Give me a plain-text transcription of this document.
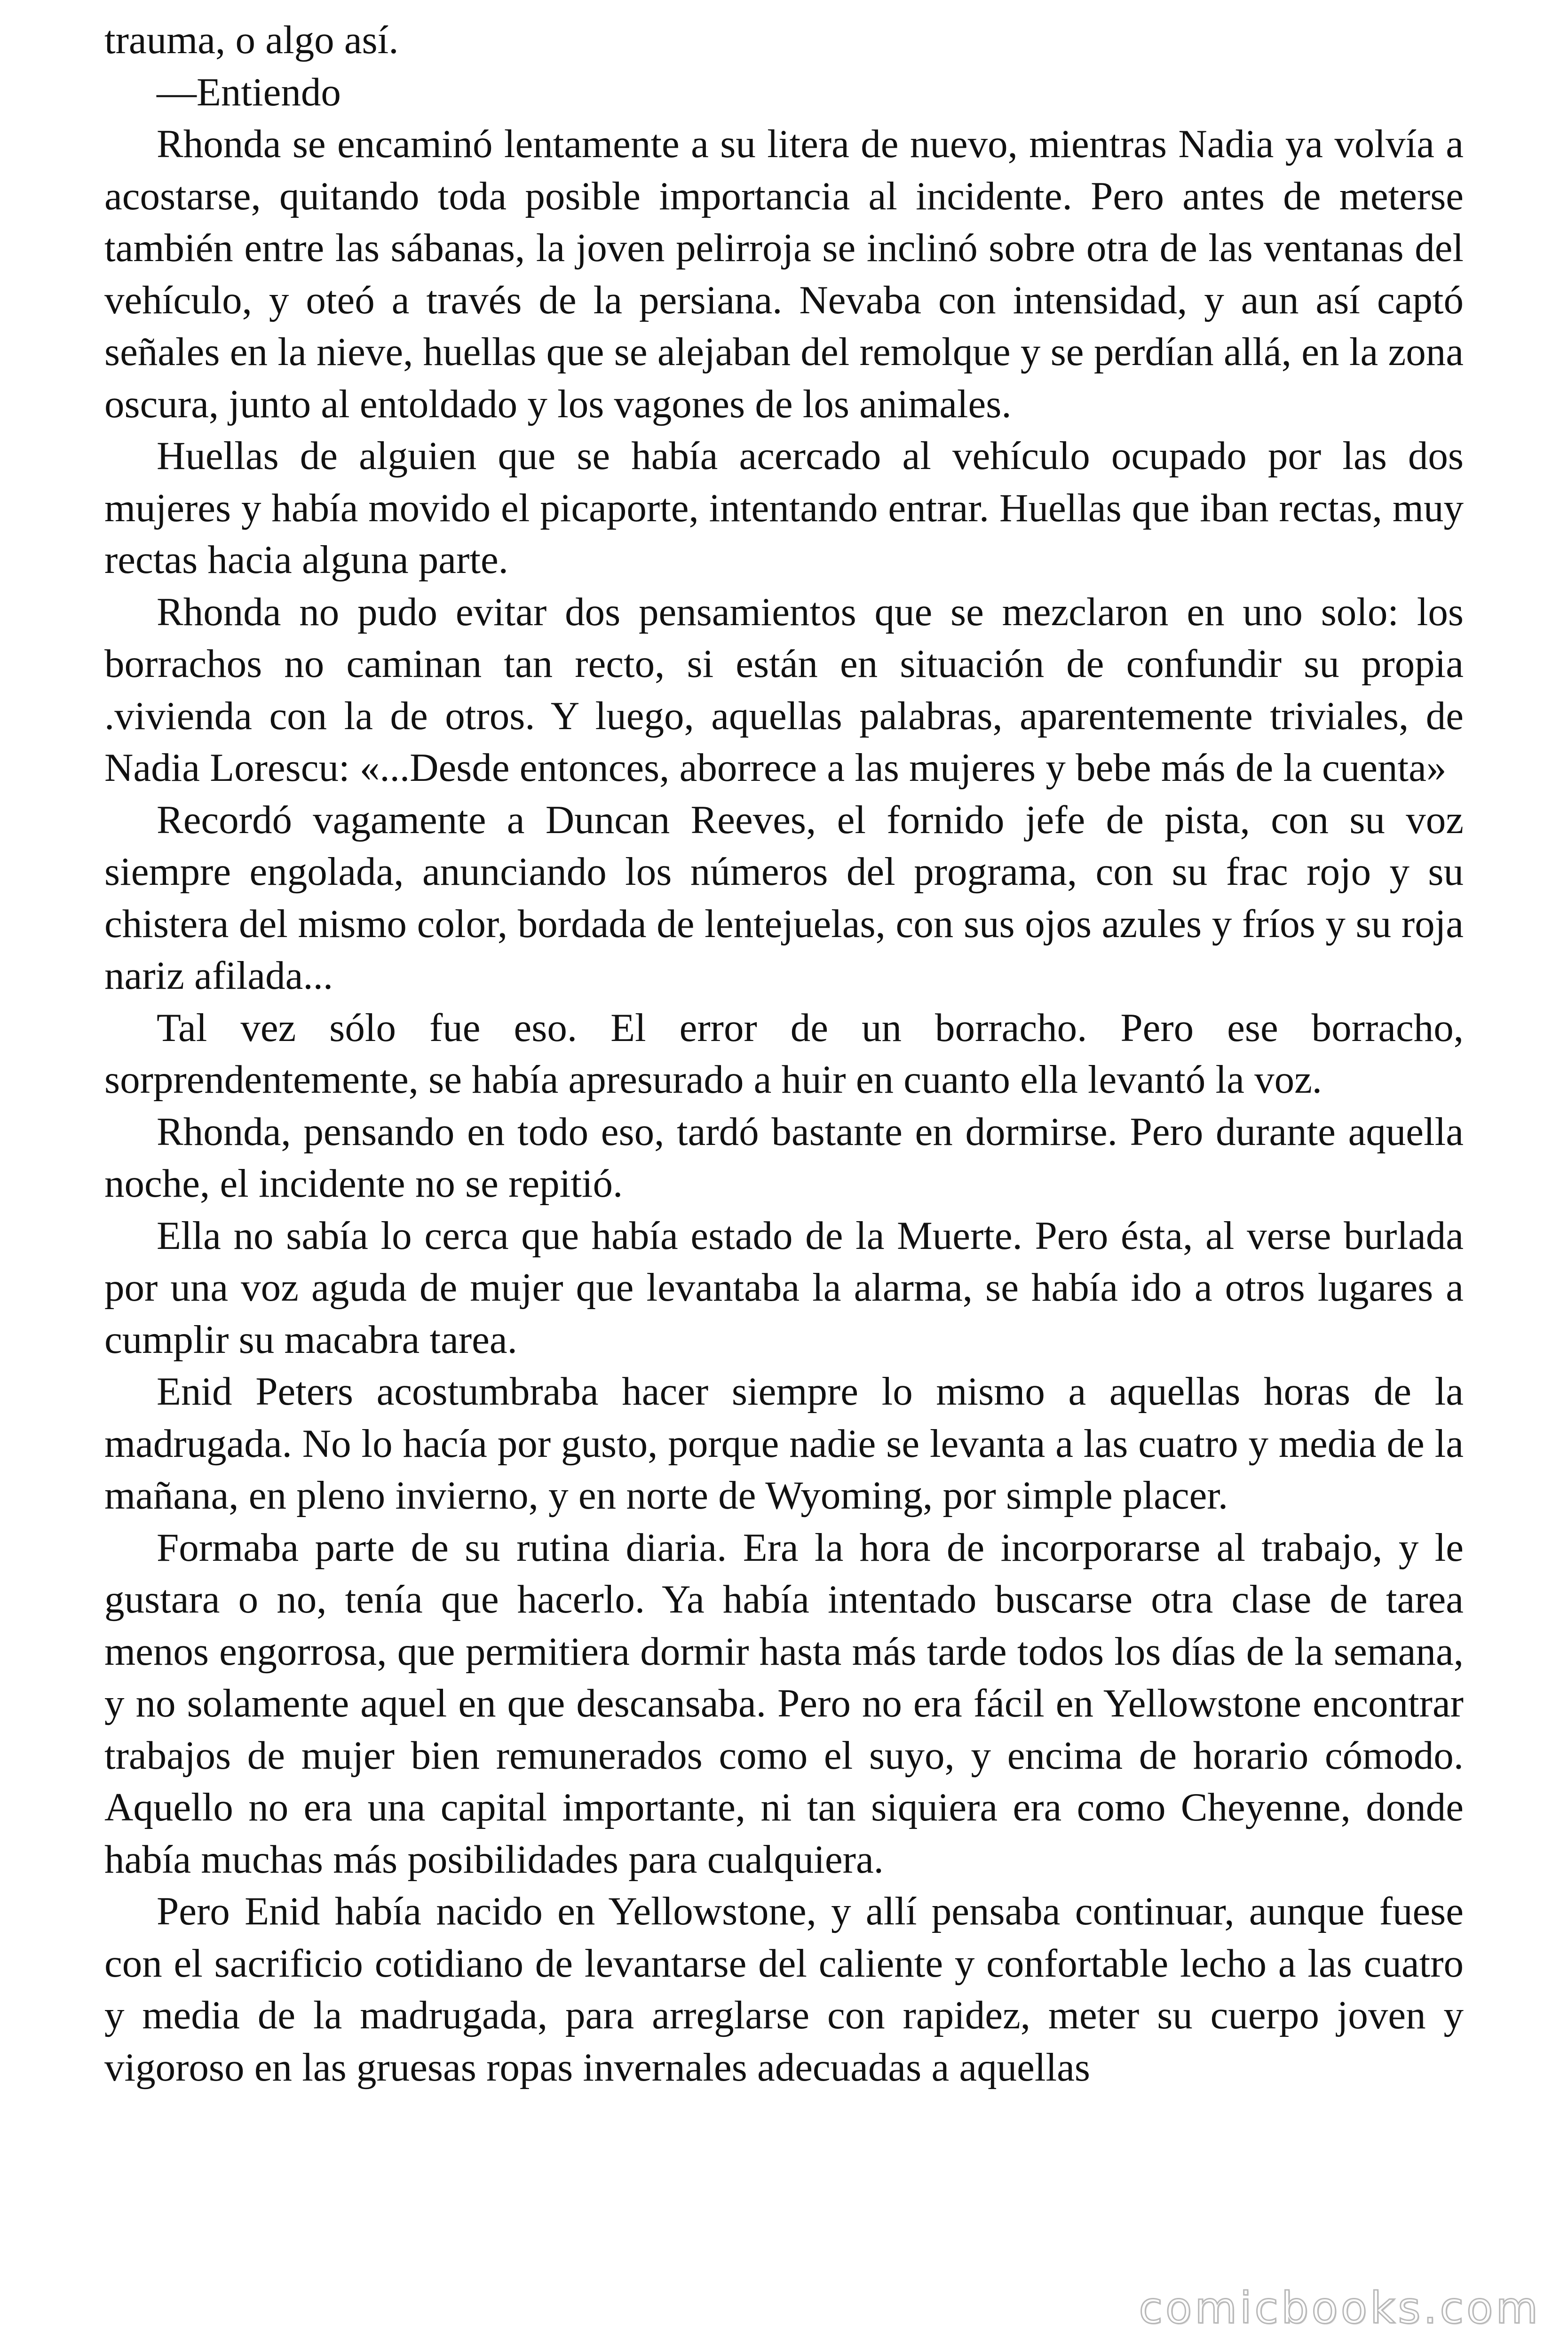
trauma, o algo así.

—Entiendo

Rhonda se encaminó lentamente a su litera de nuevo, mientras Nadia ya volvía a acostarse, quitando toda posible importancia al incidente. Pero antes de meterse también entre las sábanas, la joven pelirroja se inclinó sobre otra de las ventanas del vehículo, y oteó a través de la persiana. Nevaba con intensidad, y aun así captó señales en la nieve, huellas que se alejaban del remolque y se perdían allá, en la zona oscura, junto al entoldado y los vagones de los animales.

Huellas de alguien que se había acercado al vehículo ocupado por las dos mujeres y había movido el picaporte, intentando entrar. Huellas que iban rectas, muy rectas hacia alguna parte.

Rhonda no pudo evitar dos pensamientos que se mezclaron en uno solo: los borrachos no caminan tan recto, si están en situación de confundir su propia .vivienda con la de otros. Y luego, aquellas palabras, aparentemente triviales, de Nadia Lorescu: «...Desde entonces, aborrece a las mujeres y bebe más de la cuenta»

Recordó vagamente a Duncan Reeves, el fornido jefe de pista, con su voz siempre engolada, anunciando los números del programa, con su frac rojo y su chistera del mismo color, bordada de lentejuelas, con sus ojos azules y fríos y su roja nariz afilada...

Tal vez sólo fue eso. El error de un borracho. Pero ese borracho, sorprendentemente, se había apresurado a huir en cuanto ella levantó la voz.

Rhonda, pensando en todo eso, tardó bastante en dormirse. Pero durante aquella noche, el incidente no se repitió.

Ella no sabía lo cerca que había estado de la Muerte. Pero ésta, al verse burlada por una voz aguda de mujer que levantaba la alarma, se había ido a otros lugares a cumplir su macabra tarea.

Enid Peters acostumbraba hacer siempre lo mismo a aquellas horas de la madrugada. No lo hacía por gusto, porque nadie se levanta a las cuatro y media de la mañana, en pleno invierno, y en norte de Wyoming, por simple placer.

Formaba parte de su rutina diaria. Era la hora de incorporarse al trabajo, y le gustara o no, tenía que hacerlo. Ya había intentado buscarse otra clase de tarea menos engorrosa, que permitiera dormir hasta más tarde todos los días de la semana, y no solamente aquel en que descansaba. Pero no era fácil en Yellowstone encontrar trabajos de mujer bien remunerados como el suyo, y encima de horario cómodo. Aquello no era una capital importante, ni tan siquiera era como Cheyenne, donde había muchas más posibilidades para cualquiera.

Pero Enid había nacido en Yellowstone, y allí pensaba continuar, aunque fuese con el sacrificio cotidiano de levantarse del caliente y confortable lecho a las cuatro y media de la madrugada, para arreglarse con rapidez, meter su cuerpo joven y vigoroso en las gruesas ropas invernales adecuadas a aquellas

comicbooks.com
